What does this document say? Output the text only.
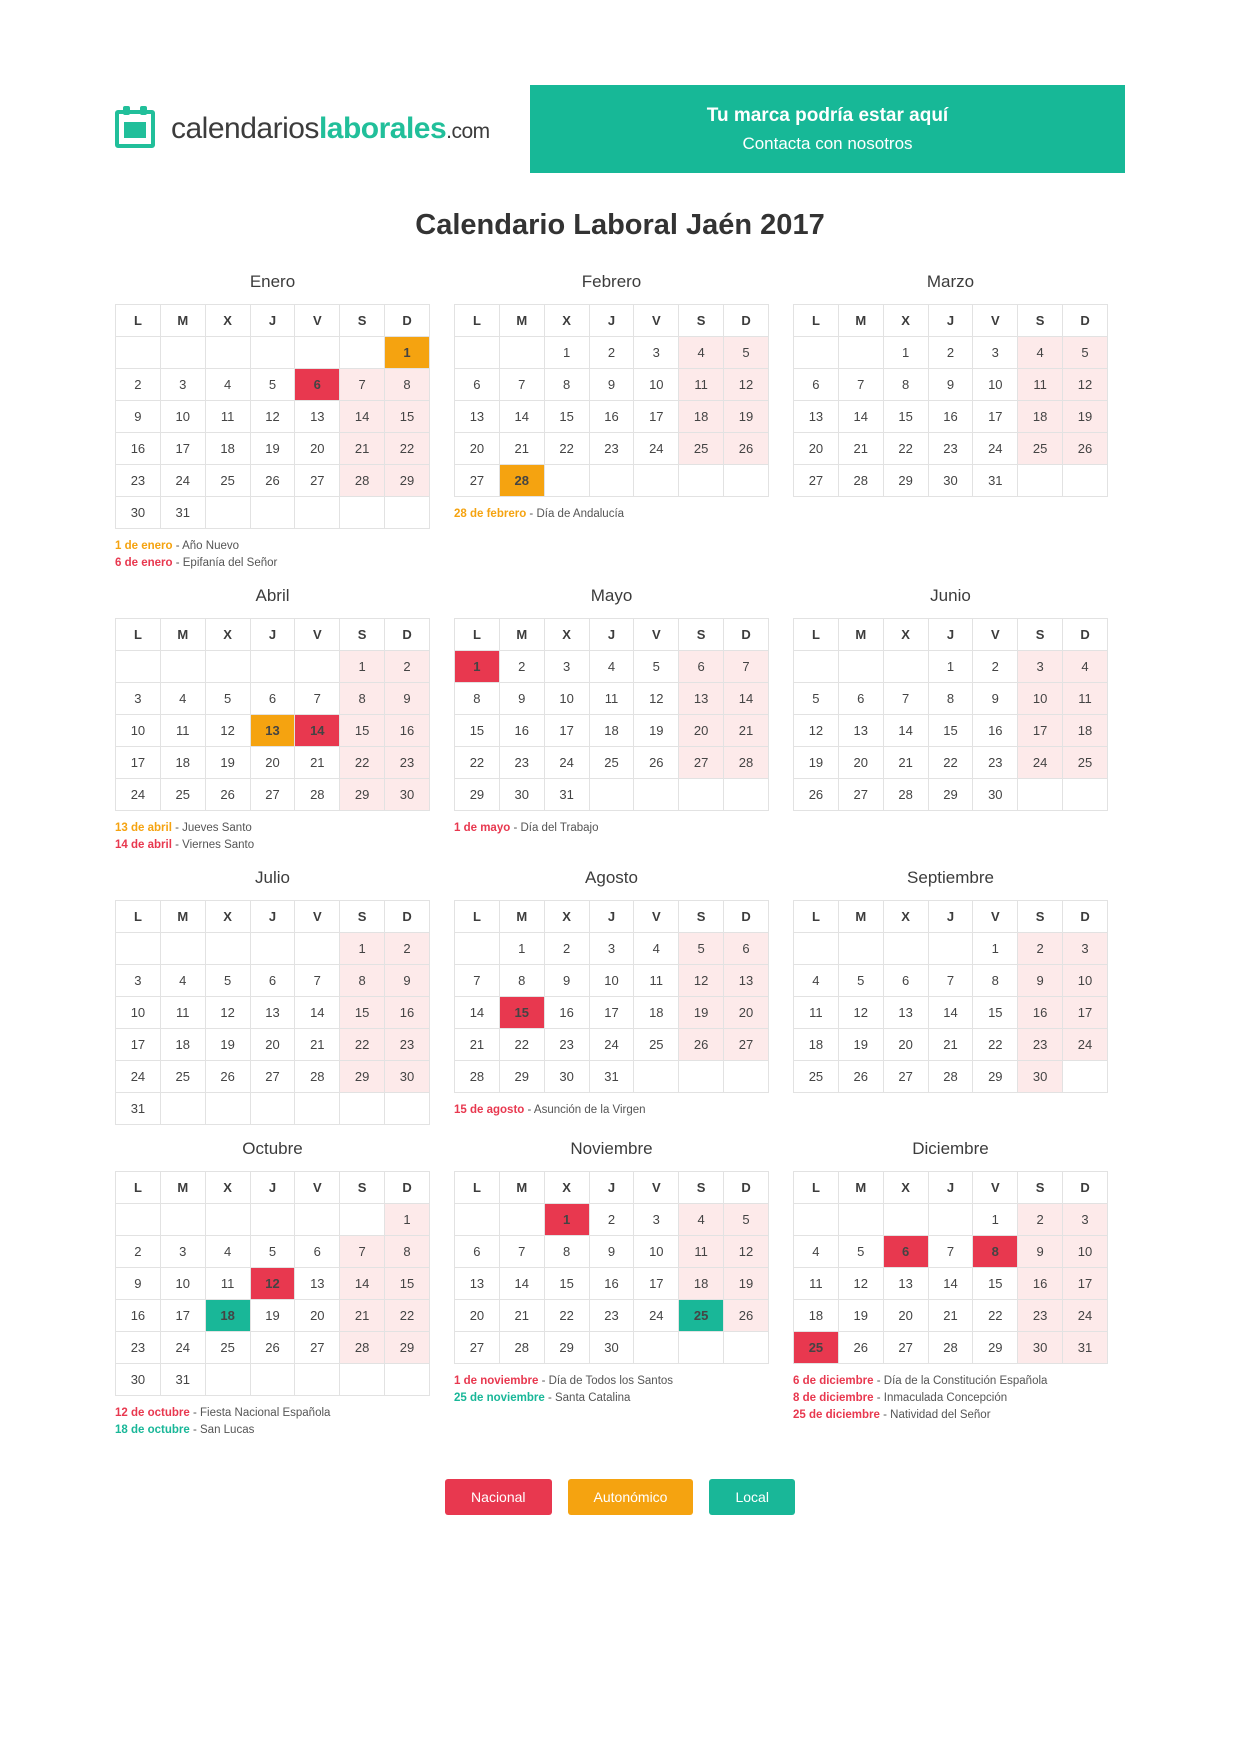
calendarioslaborales.com
Tu marca podría estar aquí
Contacta con nosotros
Calendario Laboral Jaén 2017
Enero
L	M	X	J	V	S	D
						1
2	3	4	5	6	7	8
9	10	11	12	13	14	15
16	17	18	19	20	21	22
23	24	25	26	27	28	29
30	31					
1 de enero - Año Nuevo
6 de enero - Epifanía del Señor
Febrero
L	M	X	J	V	S	D
		1	2	3	4	5
6	7	8	9	10	11	12
13	14	15	16	17	18	19
20	21	22	23	24	25	26
27	28					
28 de febrero - Día de Andalucía
Marzo
L	M	X	J	V	S	D
		1	2	3	4	5
6	7	8	9	10	11	12
13	14	15	16	17	18	19
20	21	22	23	24	25	26
27	28	29	30	31		
Abril
L	M	X	J	V	S	D
					1	2
3	4	5	6	7	8	9
10	11	12	13	14	15	16
17	18	19	20	21	22	23
24	25	26	27	28	29	30
13 de abril - Jueves Santo
14 de abril - Viernes Santo
Mayo
L	M	X	J	V	S	D
1	2	3	4	5	6	7
8	9	10	11	12	13	14
15	16	17	18	19	20	21
22	23	24	25	26	27	28
29	30	31				
1 de mayo - Día del Trabajo
Junio
L	M	X	J	V	S	D
			1	2	3	4
5	6	7	8	9	10	11
12	13	14	15	16	17	18
19	20	21	22	23	24	25
26	27	28	29	30		
Julio
L	M	X	J	V	S	D
					1	2
3	4	5	6	7	8	9
10	11	12	13	14	15	16
17	18	19	20	21	22	23
24	25	26	27	28	29	30
31						
Agosto
L	M	X	J	V	S	D
	1	2	3	4	5	6
7	8	9	10	11	12	13
14	15	16	17	18	19	20
21	22	23	24	25	26	27
28	29	30	31			
15 de agosto - Asunción de la Virgen
Septiembre
L	M	X	J	V	S	D
				1	2	3
4	5	6	7	8	9	10
11	12	13	14	15	16	17
18	19	20	21	22	23	24
25	26	27	28	29	30	
Octubre
L	M	X	J	V	S	D
						1
2	3	4	5	6	7	8
9	10	11	12	13	14	15
16	17	18	19	20	21	22
23	24	25	26	27	28	29
30	31					
12 de octubre - Fiesta Nacional Española
18 de octubre - San Lucas
Noviembre
L	M	X	J	V	S	D
		1	2	3	4	5
6	7	8	9	10	11	12
13	14	15	16	17	18	19
20	21	22	23	24	25	26
27	28	29	30			
1 de noviembre - Día de Todos los Santos
25 de noviembre - Santa Catalina
Diciembre
L	M	X	J	V	S	D
				1	2	3
4	5	6	7	8	9	10
11	12	13	14	15	16	17
18	19	20	21	22	23	24
25	26	27	28	29	30	31
6 de diciembre - Día de la Constitución Española
8 de diciembre - Inmaculada Concepción
25 de diciembre - Natividad del Señor
Nacional	Autonómico	Local
